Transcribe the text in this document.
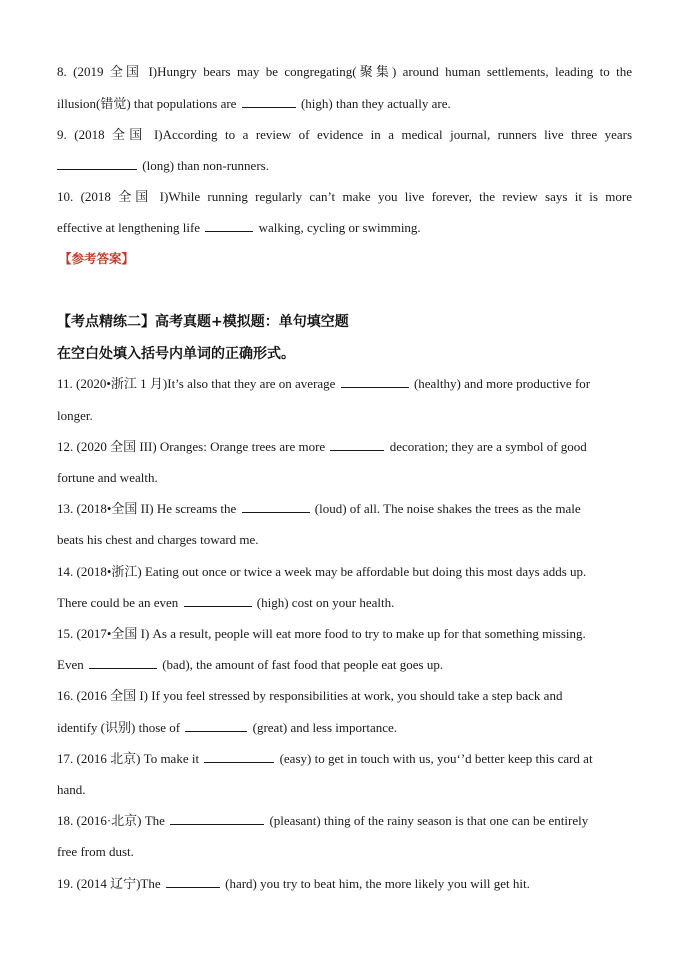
8. (2019 全国 I)Hungry bears may be congregating(聚集) around human settlements, leading to the
illusion(错觉) that populations are	(high) than they actually are.
9. (2018 全国 I)According to a review of evidence in a medical journal, runners live three years
(long) than non-runners.
10. (2018 全国 I)While running regularly can’t make you live forever, the review says it is more
effective at lengthening life	walking, cycling or swimming.
【参考答案】
【考点精练二】高考真题+模拟题：单句填空题
在空白处填入括号内单词的正确形式。
11. (2020•浙江 1 月)It’s also that they are on average	(healthy) and more productive for
longer.
12. (2020 全国 III) Oranges: Orange trees are more	decoration; they are a symbol of good
fortune and wealth.
13. (2018•全国 II) He screams the	(loud) of all. The noise shakes the trees as the male
beats his chest and charges toward me.
14. (2018•浙江) Eating out once or twice a week may be affordable but doing this most days adds up.
There could be an even	(high) cost on your health.
15. (2017•全国 I) As a result, people will eat more food to try to make up for that something missing.
Even	(bad), the amount of fast food that people eat goes up.
16. (2016 全国 I) If you feel stressed by responsibilities at work, you should take a step back and
identify (识别) those of	(great) and less importance.
17. (2016 北京) To make it	(easy) to get in touch with us, you‘’d better keep this card at
hand.
18. (2016·北京) The	(pleasant) thing of the rainy season is that one can be entirely
free from dust.
19. (2014 辽宁)The	(hard) you try to beat him, the more likely you will get hit.
